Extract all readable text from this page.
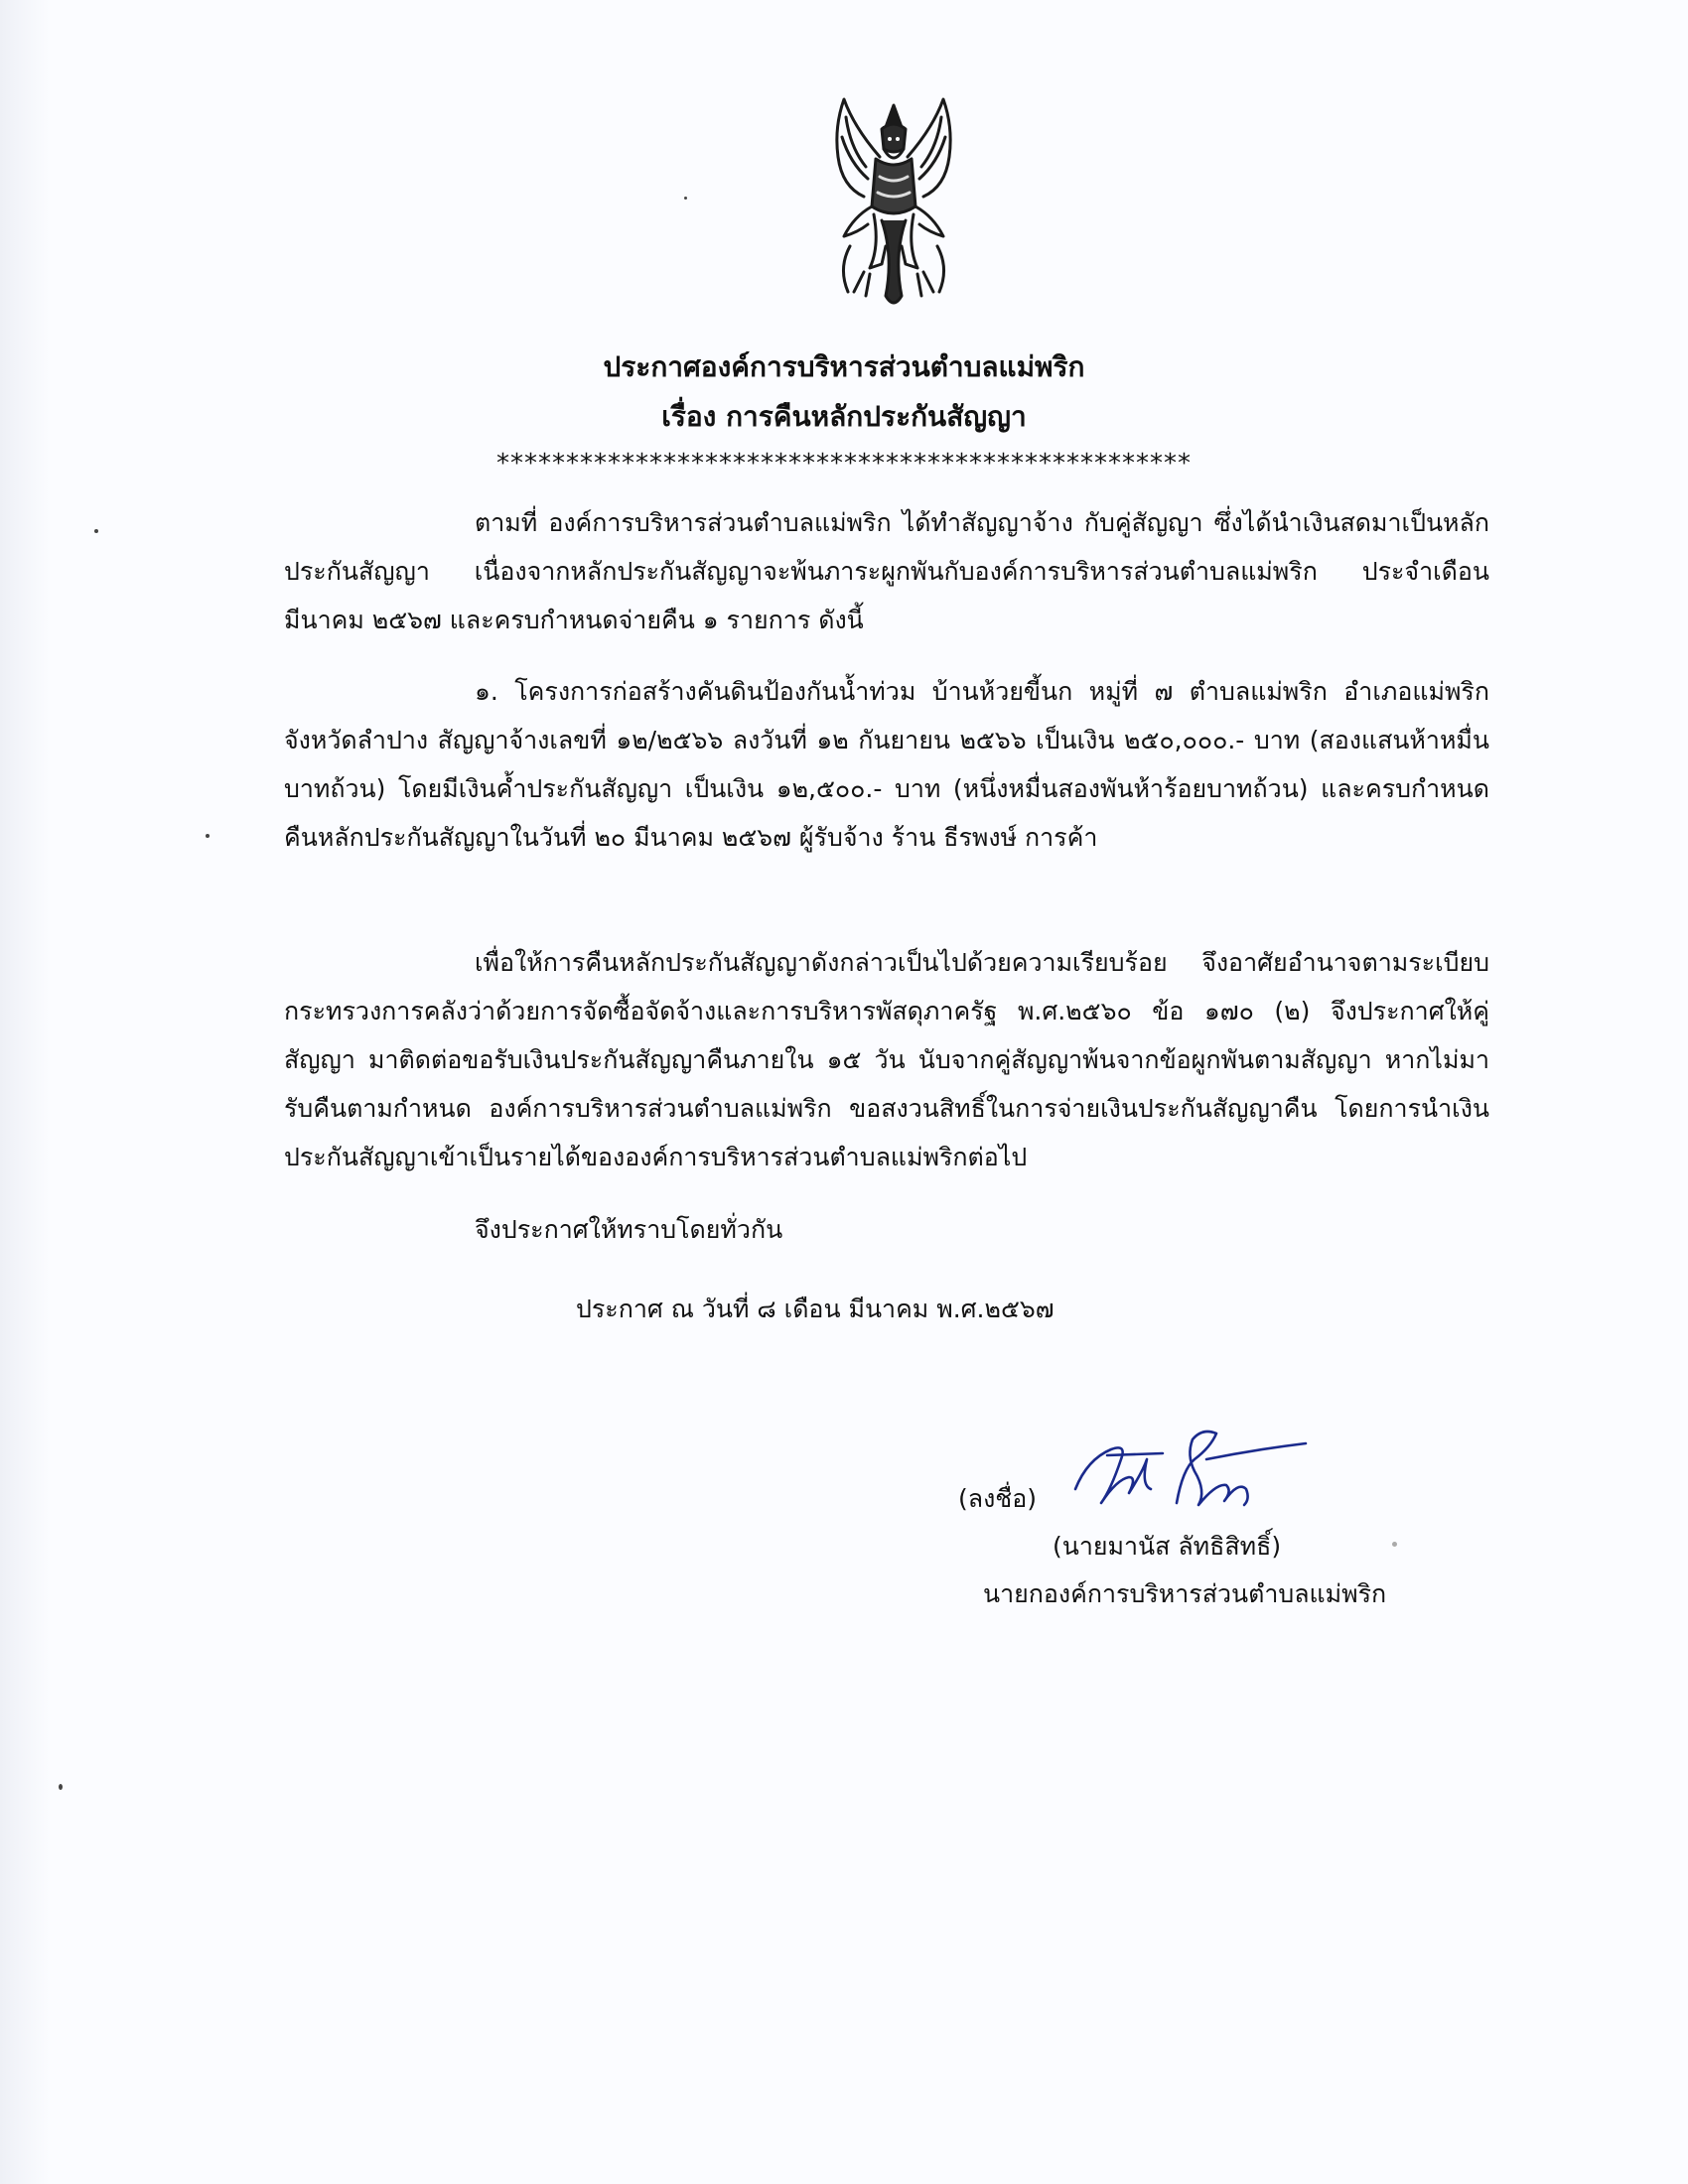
ประกาศองค์การบริหารส่วนตำบลแม่พริก
เรื่อง การคืนหลักประกันสัญญา
**************************************************
ตามที่ องค์การบริหารส่วนตำบลแม่พริก ได้ทำสัญญาจ้าง กับคู่สัญญา ซึ่งได้นำเงินสดมาเป็นหลักประกันสัญญา เนื่องจากหลักประกันสัญญาจะพ้นภาระผูกพันกับองค์การบริหารส่วนตำบลแม่พริก ประจำเดือน มีนาคม ๒๕๖๗ และครบกำหนดจ่ายคืน ๑ รายการ ดังนี้
๑. โครงการก่อสร้างคันดินป้องกันน้ำท่วม บ้านห้วยขี้นก หมู่ที่ ๗ ตำบลแม่พริก อำเภอแม่พริก จังหวัดลำปาง สัญญาจ้างเลขที่ ๑๒/๒๕๖๖ ลงวันที่ ๑๒ กันยายน ๒๕๖๖ เป็นเงิน ๒๕๐,๐๐๐.- บาท (สองแสนห้าหมื่นบาทถ้วน) โดยมีเงินค้ำประกันสัญญา เป็นเงิน ๑๒,๕๐๐.- บาท (หนึ่งหมื่นสองพันห้าร้อยบาทถ้วน) และครบกำหนดคืนหลักประกันสัญญาในวันที่ ๒๐ มีนาคม ๒๕๖๗ ผู้รับจ้าง ร้าน ธีรพงษ์ การค้า
เพื่อให้การคืนหลักประกันสัญญาดังกล่าวเป็นไปด้วยความเรียบร้อย จึงอาศัยอำนาจตามระเบียบกระทรวงการคลังว่าด้วยการจัดซื้อจัดจ้างและการบริหารพัสดุภาครัฐ พ.ศ.๒๕๖๐ ข้อ ๑๗๐ (๒) จึงประกาศให้คู่สัญญา มาติดต่อขอรับเงินประกันสัญญาคืนภายใน ๑๕ วัน นับจากคู่สัญญาพ้นจากข้อผูกพันตามสัญญา หากไม่มารับคืนตามกำหนด องค์การบริหารส่วนตำบลแม่พริก ขอสงวนสิทธิ์ในการจ่ายเงินประกันสัญญาคืน โดยการนำเงินประกันสัญญาเข้าเป็นรายได้ขององค์การบริหารส่วนตำบลแม่พริกต่อไป
จึงประกาศให้ทราบโดยทั่วกัน
ประกาศ ณ วันที่ ๘ เดือน มีนาคม พ.ศ.๒๕๖๗
(ลงชื่อ)
(นายมานัส ลัทธิสิทธิ์)
นายกองค์การบริหารส่วนตำบลแม่พริก
